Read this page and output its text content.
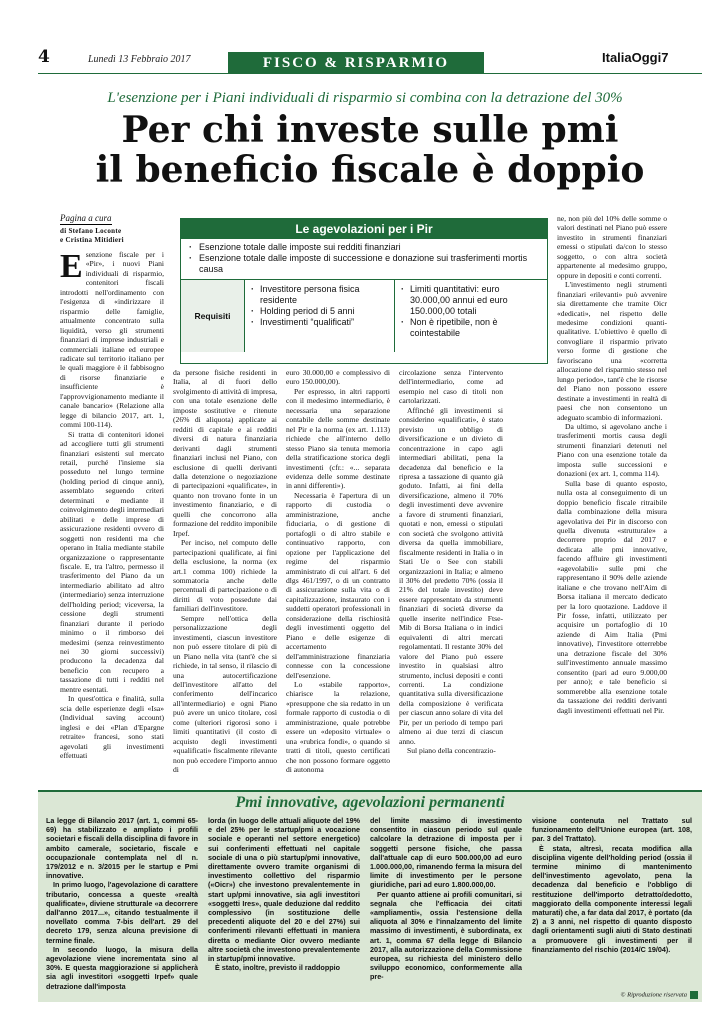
4	Lunedì 13 Febbraio 2017	FISCO & RISPARMIO	ItaliaOggi7
L'esenzione per i Piani individuali di risparmio si combina con la detrazione del 30%
Per chi investe sulle pmi
il beneficio fiscale è doppio
Pagina a cura
di Stefano Loconte
e Cristina Mitidieri
Le agevolazioni per i Pir
· Esenzione totale dalle imposte sui redditi finanziari
· Esenzione totale dalle imposte di successione e donazione sui trasferimenti mortis causa
Requisiti
· Investitore persona fisica residente
· Holding period di 5 anni
· Investimenti “qualificati”
· Limiti quantitativi: euro 30.000,00 annui ed euro 150.000,00 totali
· Non è ripetibile, non è cointestabile

Esenzione fiscale per i «Pir», i nuovi Piani individuali di risparmio, contenitori fiscali introdotti nell'ordinamento con l'esigenza di «indirizzare il risparmio delle famiglie, attualmente concentrato sulla liquidità, verso gli strumenti finanziari di imprese industriali e commerciali italiane ed europee radicate sul territorio italiano per le quali maggiore è il fabbisogno di risorse finanziarie e insufficiente è l'approvvigionamento mediante il canale bancario» (Relazione alla legge di bilancio 2017, art. 1, commi 100-114).

Si tratta di contenitori idonei ad accogliere tutti gli strumenti finanziari esistenti sul mercato retail, purché l'insieme sia posseduto nel lungo termine (holding period di cinque anni), assemblato seguendo criteri determinati e mediante il coinvolgimento degli intermediari abilitati e delle imprese di assicurazione residenti ovvero di soggetti non residenti ma che operano in Italia mediante stabile organizzazione o rappresentante fiscale. E, tra l'altro, permesso il trasferimento del Piano da un intermediario abilitato ad altro (intermediario) senza interruzione dell'holding period; viceversa, la cessione degli strumenti finanziari durante il periodo minimo o il rimborso dei medesimi (senza reinvestimento nei 30 giorni successivi) producono la decadenza dal beneficio con recupero a tassazione di tutti i redditi nel mentre esentati.

In quest'ottica e finalità, sulla scia delle esperienze degli «Isa» (Individual saving account) inglesi e dei «Plan d'Epargne retraite» francesi, sono stati agevolati gli investimenti effettuati

da persone fisiche residenti in Italia, al di fuori dello svolgimento di attività di impresa, con una totale esenzione delle imposte sostitutive e ritenute (26% di aliquota) applicate ai redditi di capitale e ai redditi diversi di natura finanziaria derivanti dagli strumenti finanziari inclusi nel Piano, con esclusione di quelli derivanti dalla detenzione o negoziazione di partecipazioni «qualificate», in quanto non trovano fonte in un investimento finanziario, e di quelli che concorrono alla formazione del reddito imponibile Irpef.

Per inciso, nel computo delle partecipazioni qualificate, ai fini della esclusione, la norma (ex art.1 comma 100) richiede la sommatoria anche delle percentuali di partecipazione o di diritti di voto possedute dai familiari dell'investitore.

Sempre nell'ottica della personalizzazione degli investimenti, ciascun investitore non può essere titolare di più di un Piano nella vita (tant'è che si richiede, in tal senso, il rilascio di una autocertificazione dell'investitore all'atto del conferimento dell'incarico all'intermediario) e ogni Piano può avere un unico titolare, così come (ulteriori rigorosi sono i limiti quantitativi (il costo di acquisto degli investimenti «qualificati» fiscalmente rilevante non può eccedere l'importo annuo di

euro 30.000,00 e complessivo di euro 150.000,00).

Per espresso, in altri rapporti con il medesimo intermediario, è necessaria una separazione contabile delle somme destinate nel Pir e la norma (ex art. 1.113) richiede che all'interno dello stesso Piano sia tenuta memoria della stratificazione storica degli investimenti (cfr.: «... separata evidenza delle somme destinate in anni differenti»).

Necessaria è l'apertura di un rapporto di custodia o amministrazione, anche fiduciaria, o di gestione di portafogli o di altro stabile e continuativo rapporto, con opzione per l'applicazione del regime del risparmio amministrato di cui all'art. 6 del dlgs 461/1997, o di un contratto di assicurazione sulla vita o di capitalizzazione, instaurato con i suddetti operatori professionali in considerazione della rischiosità degli investimenti oggetto del Piano e delle esigenze di accertamento dell'amministrazione finanziaria connesse con la concessione dell'esenzione.

Lo «stabile rapporto», chiarisce la relazione, «presuppone che sia redatto in un formale rapporto di custodia o di amministrazione, quale potrebbe essere un «deposito virtuale» o una «rubrica fondi», o quando si tratti di titoli, questo certificati che non possono formare oggetto di autonoma

circolazione senza l'intervento dell'intermediario, come ad esempio nel caso di titoli non cartolarizzati.

Affinché gli investimenti si considerino «qualificati», è stato previsto un obbligo di diversificazione e un divieto di concentrazione in capo agli intermediari abilitati, pena la decadenza dal beneficio e la ripresa a tassazione di quanto già goduto. Infatti, ai fini della diversificazione, almeno il 70% degli investimenti deve avvenire a favore di strumenti finanziari, quotati e non, emessi o stipulati con società che svolgono attività diversa da quella immobiliare, fiscalmente residenti in Italia o in Stati Ue o See con stabili organizzazioni in Italia; e almeno il 30% del predetto 70% (ossia il 21% del totale investito) deve essere rappresentato da strumenti finanziari di società diverse da quelle inserite nell'indice Ftse-Mib di Borsa Italiana o in indici equivalenti di altri mercati regolamentati. Il restante 30% del valore del Piano può essere investito in qualsiasi altro strumento, inclusi depositi e conti correnti. La condizione quantitativa sulla diversificazione della composizione è verificata per ciascun anno solare di vita del Pir, per un periodo di tempo pari almeno ai due terzi di ciascun anno.

Sul piano della concentrazio-

ne, non più del 10% delle somme o valori destinati nel Piano può essere investito in strumenti finanziari emessi o stipulati da/con lo stesso soggetto, o con altra società appartenente al medesimo gruppo, oppure in depositi e conti correnti.

L'investimento negli strumenti finanziari «rilevanti» può avvenire sia direttamente che tramite Oicr «dedicati», nel rispetto delle medesime condizioni quanti-qualitative. L'obiettivo è quello di convogliare il risparmio privato verso forme di gestione che favoriscano una «corretta allocazione del risparmio stesso nel lungo periodo», tant'è che le risorse del Piano non possono essere destinate a investimenti in realtà di paesi che non consentono un adeguato scambio di informazioni.

Da ultimo, si agevolano anche i trasferimenti mortis causa degli strumenti finanziari detenuti nel Piano con una esenzione totale da imposta sulle successioni e donazioni (ex art. 1, comma 114).

Sulla base di quanto esposto, nulla osta al conseguimento di un doppio beneficio fiscale ritraibile dalla combinazione della misura agevolativa dei Pir in discorso con quella divenuta «strutturale» a decorrere proprio dal 2017 e dedicata alle pmi innovative, facendo affluire gli investimenti «agevolabili» sulle pmi che rappresentano il 90% delle aziende italiane e che trovano nell'Aim di Borsa italiana il mercato dedicato per la loro quotazione. Laddove il Pir fosse, infatti, utilizzato per acquisire un portafoglio di 10 aziende di Aim Italia (Pmi innovative), l'investitore otterrebbe una detrazione fiscale del 30% sull'investimento annuale massimo consentito (pari ad euro 9.000,00 per anno); e tale beneficio si sommerebbe alla esenzione totale da tassazione dei redditi derivanti dagli investimenti effettuati nel Pir.

Pmi innovative, agevolazioni permanenti

La legge di Bilancio 2017 (art. 1, commi 65-69) ha stabilizzato e ampliato i profili societari e fiscali della disciplina di favore in ambito camerale, societario, fiscale e occupazionale contemplata nel dl n. 179/2012 e n. 3/2015 per le startup e Pmi innovative.

In primo luogo, l'agevolazione di carattere tributario, concessa a queste «realtà qualificate», diviene strutturale «a decorrere dall'anno 2017...», citando testualmente il novellato comma 7-bis dell'art. 29 del decreto 179, senza alcuna previsione di termine finale.

In secondo luogo, la misura della agevolazione viene incrementata sino al 30%. E questa maggiorazione si applicherà sia agli investitori «soggetti Irpef» quale detrazione dall'imposta

lorda (in luogo delle attuali aliquote del 19% e del 25% per le startup/pmi a vocazione sociale e operanti nel settore energetico) sui conferimenti effettuati nel capitale sociale di una o più startup/pmi innovative, direttamente ovvero tramite organismi di investimento collettivo del risparmio («Oicr») che investono prevalentemente in start up/pmi innovative, sia agli investitori «soggetti Ires», quale deduzione dal reddito complessivo (in sostituzione delle precedenti aliquote del 20 e del 27%) sui conferimenti rilevanti effettuati in maniera diretta o mediante Oicr ovvero mediante altre società che investono prevalentemente in startup/pmi innovative.

È stato, inoltre, previsto il raddoppio

del limite massimo di investimento consentito in ciascun periodo sul quale calcolare la detrazione di imposta per i soggetti persone fisiche, che passa dall'attuale cap di euro 500.000,00 ad euro 1.000.000,00, rimanendo ferma la misura del limite di investimento per le persone giuridiche, pari ad euro 1.800.000,00.

Per quanto attiene ai profili comunitari, si segnala che l'efficacia dei citati «ampliamenti», ossia l'estensione della aliquota al 30% e l'innalzamento del limite massimo di investimenti, è subordinata, ex art. 1, comma 67 della legge di Bilancio 2017, alla autorizzazione della Commissione europea, su richiesta del ministero dello sviluppo economico, conformemente alla pre-

visione contenuta nel Trattato sul funzionamento dell'Unione europea (art. 108, par. 3 del Trattato).

È stata, altresì, recata modifica alla disciplina vigente dell'holding period (ossia il termine minimo di mantenimento dell'investimento agevolato, pena la decadenza dal beneficio e l'obbligo di restituzione dell'importo detratto/dedotto, maggiorato della componente interessi legali maturati) che, a far data dal 2017, è portato (da 2) a 3 anni, nel rispetto di quanto disposto dagli orientamenti sugli aiuti di Stato destinati a promuovere gli investimenti per il finanziamento del rischio (2014/C 19/04).

© Riproduzione riservata
